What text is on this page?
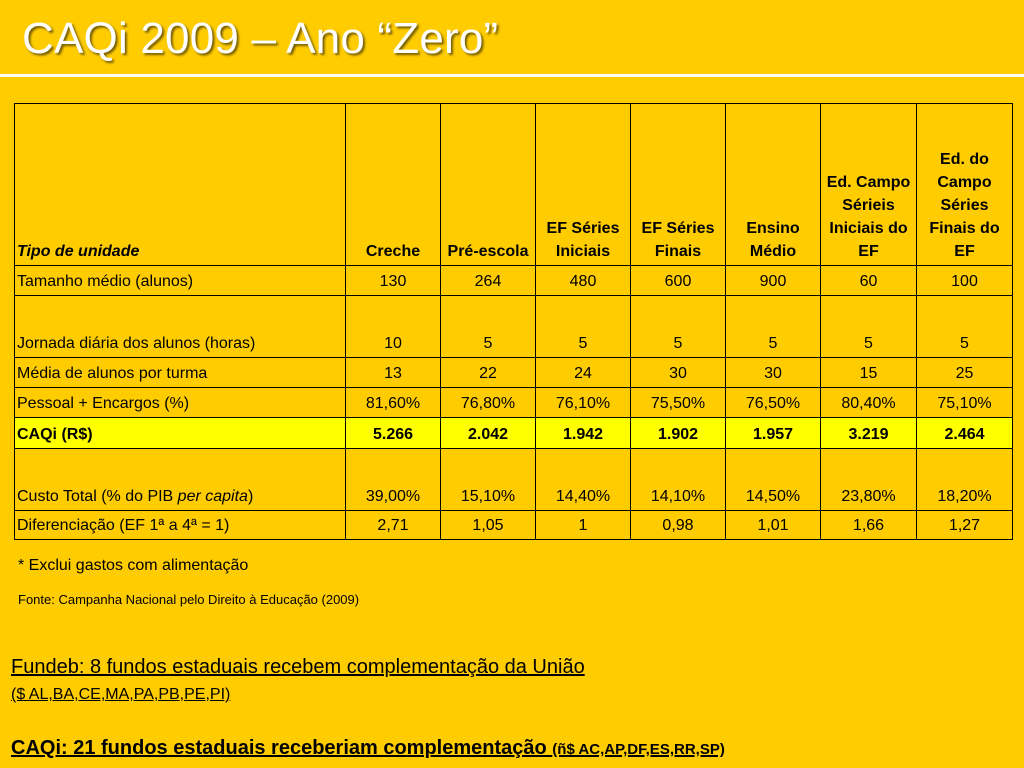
CAQi 2009 – Ano “Zero”
Tipo de unidade	Creche	Pré-escola	EF Séries Iniciais	EF Séries Finais	Ensino Médio	Ed. Campo Sérieis Iniciais do EF	Ed. do Campo Séries Finais do EF
Tamanho médio (alunos)	130	264	480	600	900	60	100
Jornada diária dos alunos (horas)	10	5	5	5	5	5	5
Média de alunos por turma	13	22	24	30	30	15	25
Pessoal + Encargos (%)	81,60%	76,80%	76,10%	75,50%	76,50%	80,40%	75,10%
CAQi (R$)	5.266	2.042	1.942	1.902	1.957	3.219	2.464
Custo Total (% do PIB per capita)	39,00%	15,10%	14,40%	14,10%	14,50%	23,80%	18,20%
Diferenciação (EF 1ª a 4ª = 1)	2,71	1,05	1	0,98	1,01	1,66	1,27
* Exclui gastos com alimentação
Fonte: Campanha Nacional pelo Direito à Educação (2009)
Fundeb: 8 fundos estaduais recebem complementação da União
($ AL,BA,CE,MA,PA,PB,PE,PI)
CAQi: 21 fundos estaduais receberiam complementação (ñ$ AC,AP,DF,ES,RR,SP)
